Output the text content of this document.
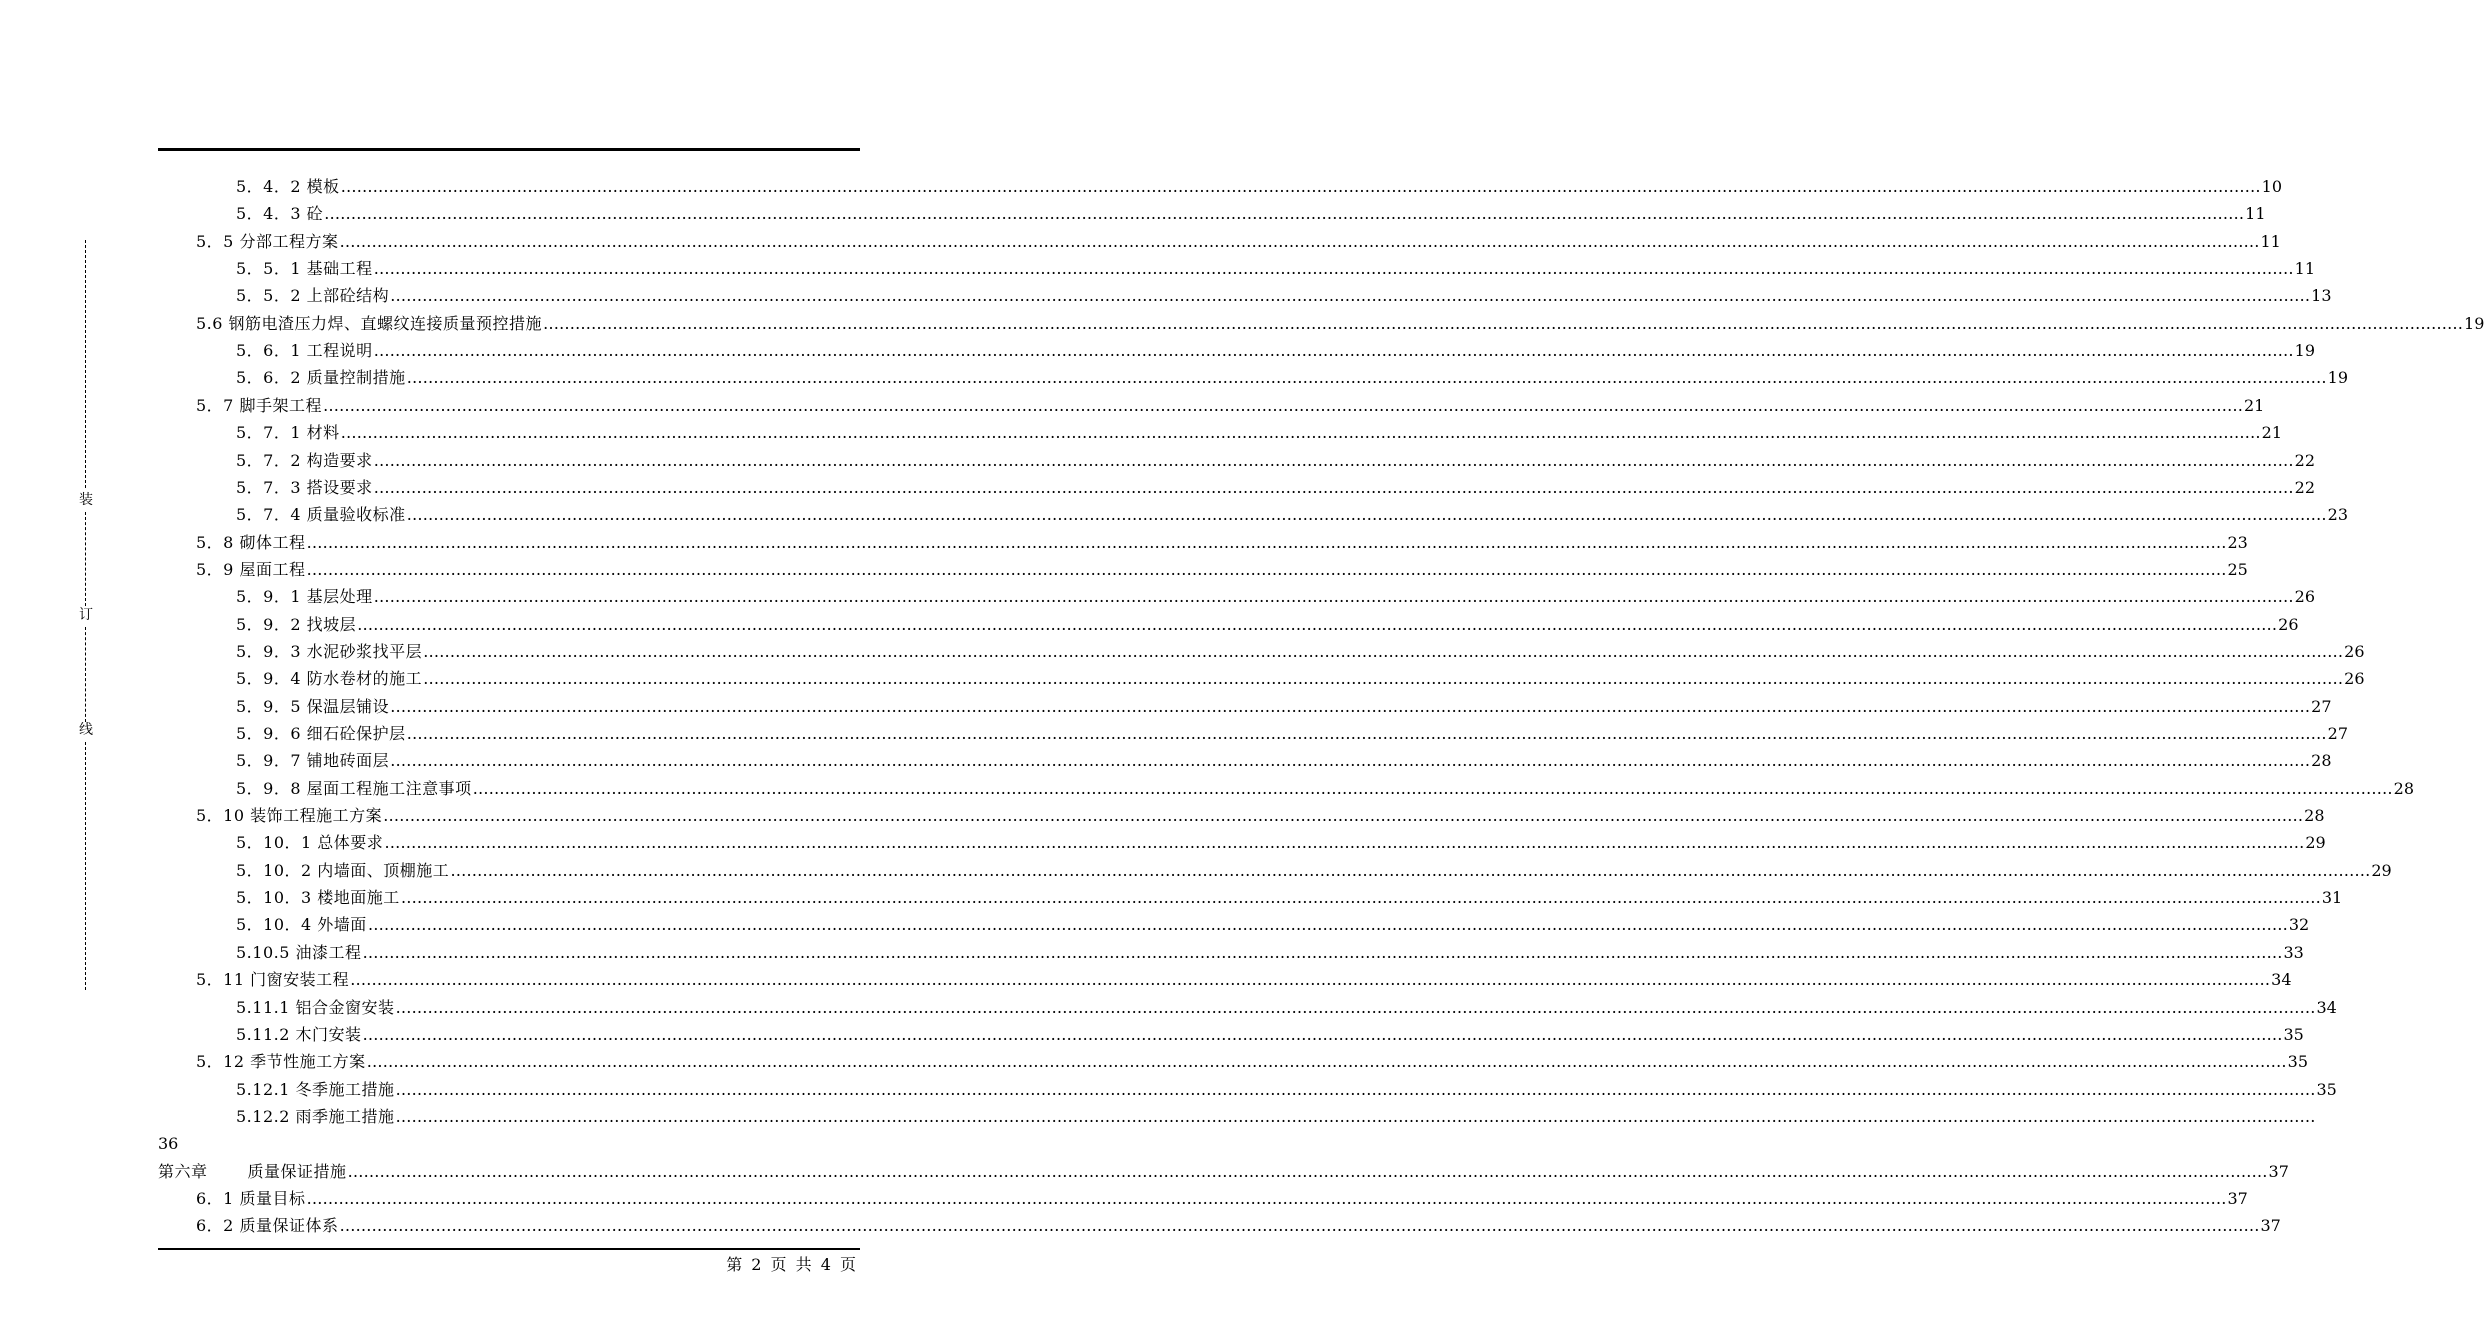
装
订
线
5．4．2 模板 ……………………………………………………………………………………………………………………………………………………………………………………………………………………………………………………………………………………………………………………………… 10
5．4．3 砼 ……………………………………………………………………………………………………………………………………………………………………………………………………………………………………………………………………………………………………………………………… 11
5．5 分部工程方案 ……………………………………………………………………………………………………………………………………………………………………………………………………………………………………………………………………………………………………………………………… 11
5．5．1 基础工程 ……………………………………………………………………………………………………………………………………………………………………………………………………………………………………………………………………………………………………………………………… 11
5．5．2 上部砼结构 ……………………………………………………………………………………………………………………………………………………………………………………………………………………………………………………………………………………………………………………………… 13
5.6 钢筋电渣压力焊、直螺纹连接质量预控措施 ……………………………………………………………………………………………………………………………………………………………………………………………………………………………………………………………………………………………………………………………… 19
5．6．1 工程说明 ……………………………………………………………………………………………………………………………………………………………………………………………………………………………………………………………………………………………………………………………… 19
5．6．2 质量控制措施 ……………………………………………………………………………………………………………………………………………………………………………………………………………………………………………………………………………………………………………………………… 19
5．7 脚手架工程 ……………………………………………………………………………………………………………………………………………………………………………………………………………………………………………………………………………………………………………………………… 21
5．7．1 材料 ……………………………………………………………………………………………………………………………………………………………………………………………………………………………………………………………………………………………………………………………… 21
5．7．2 构造要求 ……………………………………………………………………………………………………………………………………………………………………………………………………………………………………………………………………………………………………………………………… 22
5．7．3 搭设要求 ……………………………………………………………………………………………………………………………………………………………………………………………………………………………………………………………………………………………………………………………… 22
5．7．4 质量验收标准 ……………………………………………………………………………………………………………………………………………………………………………………………………………………………………………………………………………………………………………………………… 23
5．8 砌体工程 ……………………………………………………………………………………………………………………………………………………………………………………………………………………………………………………………………………………………………………………………… 23
5．9 屋面工程 ……………………………………………………………………………………………………………………………………………………………………………………………………………………………………………………………………………………………………………………………… 25
5．9．1 基层处理 ……………………………………………………………………………………………………………………………………………………………………………………………………………………………………………………………………………………………………………………………… 26
5．9．2 找坡层 ……………………………………………………………………………………………………………………………………………………………………………………………………………………………………………………………………………………………………………………………… 26
5．9．3 水泥砂浆找平层 ……………………………………………………………………………………………………………………………………………………………………………………………………………………………………………………………………………………………………………………………… 26
5．9．4 防水卷材的施工 ……………………………………………………………………………………………………………………………………………………………………………………………………………………………………………………………………………………………………………………………… 26
5．9．5 保温层铺设 ……………………………………………………………………………………………………………………………………………………………………………………………………………………………………………………………………………………………………………………………… 27
5．9．6 细石砼保护层 ……………………………………………………………………………………………………………………………………………………………………………………………………………………………………………………………………………………………………………………………… 27
5．9．7 铺地砖面层 ……………………………………………………………………………………………………………………………………………………………………………………………………………………………………………………………………………………………………………………………… 28
5．9．8 屋面工程施工注意事项 ……………………………………………………………………………………………………………………………………………………………………………………………………………………………………………………………………………………………………………………………… 28
5．10 装饰工程施工方案 ……………………………………………………………………………………………………………………………………………………………………………………………………………………………………………………………………………………………………………………………… 28
5．10．1 总体要求 ……………………………………………………………………………………………………………………………………………………………………………………………………………………………………………………………………………………………………………………………… 29
5．10．2 内墙面、顶棚施工 ……………………………………………………………………………………………………………………………………………………………………………………………………………………………………………………………………………………………………………………………… 29
5．10．3 楼地面施工 ……………………………………………………………………………………………………………………………………………………………………………………………………………………………………………………………………………………………………………………………… 31
5．10．4 外墙面 ……………………………………………………………………………………………………………………………………………………………………………………………………………………………………………………………………………………………………………………………… 32
5.10.5 油漆工程 ……………………………………………………………………………………………………………………………………………………………………………………………………………………………………………………………………………………………………………………………… 33
5．11 门窗安装工程 ……………………………………………………………………………………………………………………………………………………………………………………………………………………………………………………………………………………………………………………………… 34
5.11.1 铝合金窗安装 ……………………………………………………………………………………………………………………………………………………………………………………………………………………………………………………………………………………………………………………………… 34
5.11.2 木门安装 ……………………………………………………………………………………………………………………………………………………………………………………………………………………………………………………………………………………………………………………………… 35
5．12 季节性施工方案 ……………………………………………………………………………………………………………………………………………………………………………………………………………………………………………………………………………………………………………………………… 35
5.12.1 冬季施工措施 ……………………………………………………………………………………………………………………………………………………………………………………………………………………………………………………………………………………………………………………………… 35
5.12.2 雨季施工措施 ………………………………………………………………………………………………………………………………………………………………………………………………………………………………………………………………………………………………………………………………
第六章	质量保证措施 ……………………………………………………………………………………………………………………………………………………………………………………………………………………………………………………………………………………………………………………………… 37
6．1 质量目标 ……………………………………………………………………………………………………………………………………………………………………………………………………………………………………………………………………………………………………………………………… 37
6．2 质量保证体系 ……………………………………………………………………………………………………………………………………………………………………………………………………………………………………………………………………………………………………………………………… 37
第 2 页 共 4 页
36
